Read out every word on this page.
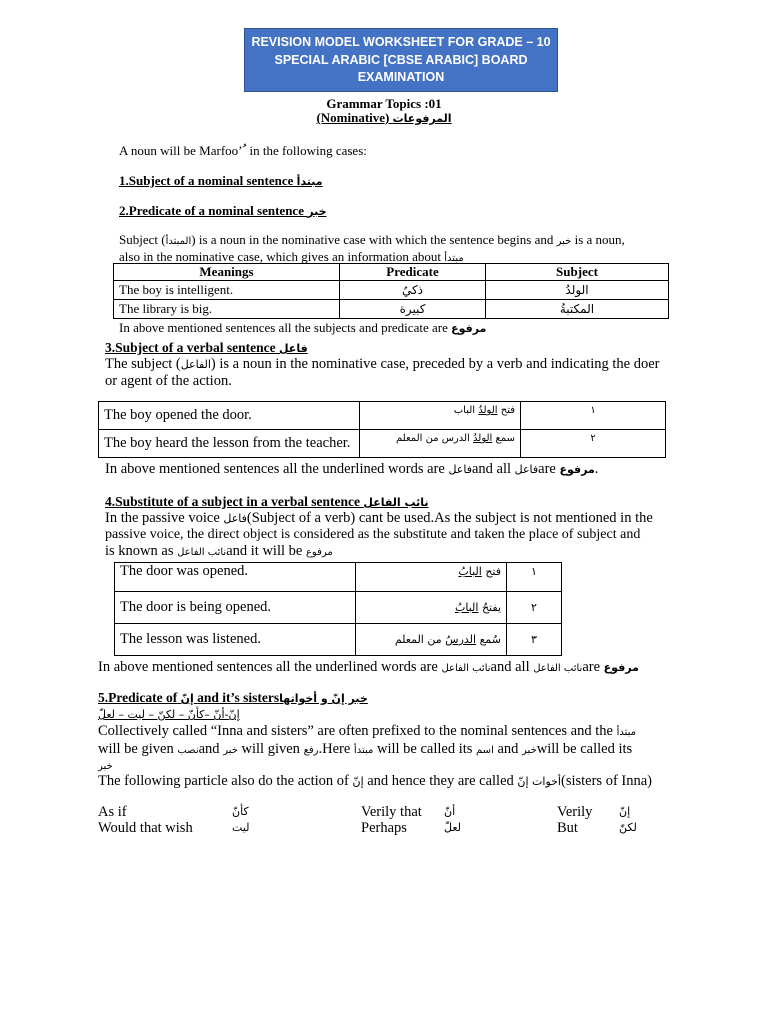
REVISION MODEL WORKSHEET FOR GRADE – 10
SPECIAL ARABIC [CBSE ARABIC] BOARD
EXAMINATION
Grammar Topics :01
(Nominative) المرفوعات
A noun will be Marfoo’ ُ in the following cases:
1.Subject of a nominal sentence مبتدأ
2.Predicate of a nominal sentence خبر
Subject (المبتدأ) is a noun in the nominative case with which the sentence begins and خبر is a noun,
also in the nominative case, which gives an information about مبتدأ
Meanings	Predicate	Subject
The boy is intelligent.	ذكيٌ	الولدُ
The library is big.	كبيرة	المكتبةُ
In above mentioned sentences all the subjects and predicate are مرفوع
3.Subject of a verbal sentence فاعل
The subject (الفاعل) is a noun in the nominative case, preceded by a verb and indicating the doer
or agent of the action.
The boy opened the door.	فتح الولدُ الباب	١
The boy heard the lesson from the teacher.	سمع الولدُ الدرس من المعلم	٢
In above mentioned sentences all the underlined words are فاعلand all فاعلare مرفوع.
4.Substitute of a subject in a verbal sentence نائب الفاعل
In the passive voice فاعل(Subject of a verb) cant be used.As the subject is not mentioned in the
passive voice, the direct object is considered as the substitute and taken the place of subject and
is known as نائب الفاعلand it will be مرفوع
The door was opened.	فتح البابُ	١
The door is being opened.	يفتحُ البابُ	٢
The lesson was listened.	سُمع الدرسُ من المعلم	٣
In above mentioned sentences all the underlined words are نائب الفاعلand all نائب الفاعلare مرفوع
5.Predicate of إنّ and it’s sistersخبر إنّ و أخواتها
إنّ-أنّ –كأنّ – لكنّ – ليت – لعلّ
Collectively called “Inna and sisters” are often prefixed to the nominal sentences and the مبتدأ
will be given نصبand خبر will given رفع.Here مبتدأ will be called its اسم and خبرwill be called its
خبر
The following particle also do the action of إنّ and hence they are called أخوات إنّ(sisters of Inna)
As if	كأنّ	Verily that أنّ	Verily إنّ
Would that wish	ليت	Perhaps	لعلّ	But	لكنّ
